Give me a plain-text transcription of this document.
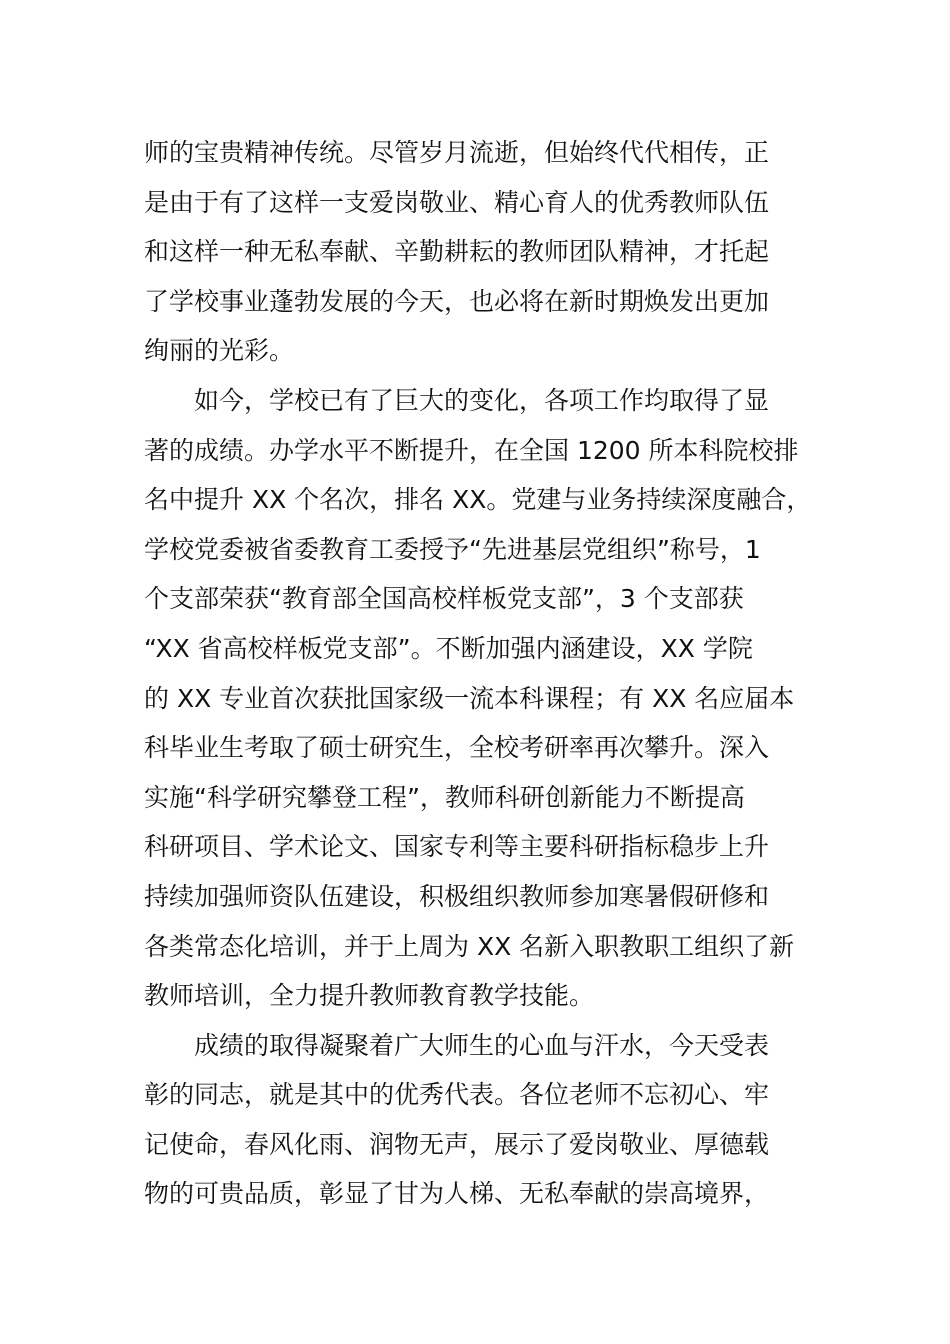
师的宝贵精神传统。尽管岁月流逝，但始终代代相传，正
是由于有了这样一支爱岗敬业、精心育人的优秀教师队伍
和这样一种无私奉献、辛勤耕耘的教师团队精神，才托起
了学校事业蓬勃发展的今天，也必将在新时期焕发出更加
绚丽的光彩。
如今，学校已有了巨大的变化，各项工作均取得了显
著的成绩。办学水平不断提升，在全国 1200 所本科院校排
名中提升 XX 个名次，排名 XX。党建与业务持续深度融合，
学校党委被省委教育工委授予“先进基层党组织”称号，1
个支部荣获“教育部全国高校样板党支部”，3 个支部获
“XX 省高校样板党支部”。不断加强内涵建设，XX 学院
的 XX 专业首次获批国家级一流本科课程；有 XX 名应届本
科毕业生考取了硕士研究生，全校考研率再次攀升。深入
实施“科学研究攀登工程”，教师科研创新能力不断提高
科研项目、学术论文、国家专利等主要科研指标稳步上升
持续加强师资队伍建设，积极组织教师参加寒暑假研修和
各类常态化培训，并于上周为 XX 名新入职教职工组织了新
教师培训，全力提升教师教育教学技能。
成绩的取得凝聚着广大师生的心血与汗水，今天受表
彰的同志，就是其中的优秀代表。各位老师不忘初心、牢
记使命，春风化雨、润物无声，展示了爱岗敬业、厚德载
物的可贵品质，彰显了甘为人梯、无私奉献的崇高境界，
